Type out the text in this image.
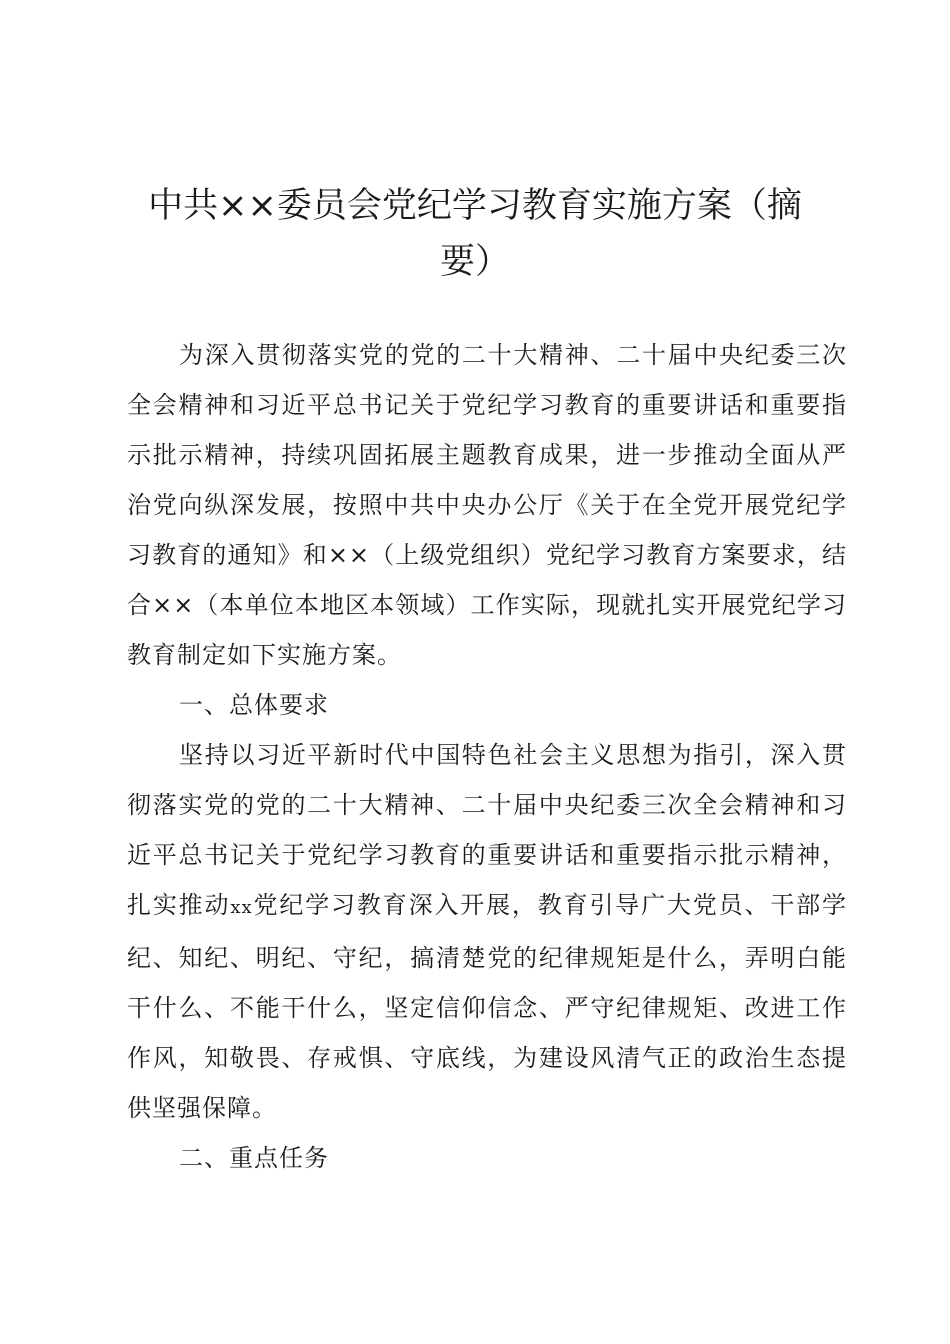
中共××委员会党纪学习教育实施方案（摘
要）

为深入贯彻落实党的党的二十大精神、二十届中央纪委三次全会精神和习近平总书记关于党纪学习教育的重要讲话和重要指示批示精神，持续巩固拓展主题教育成果，进一步推动全面从严治党向纵深发展，按照中共中央办公厅《关于在全党开展党纪学习教育的通知》和××（上级党组织）党纪学习教育方案要求，结合××（本单位本地区本领域）工作实际，现就扎实开展党纪学习教育制定如下实施方案。

一、总体要求

坚持以习近平新时代中国特色社会主义思想为指引，深入贯彻落实党的党的二十大精神、二十届中央纪委三次全会精神和习近平总书记关于党纪学习教育的重要讲话和重要指示批示精神，扎实推动xx党纪学习教育深入开展，教育引导广大党员、干部学纪、知纪、明纪、守纪，搞清楚党的纪律规矩是什么，弄明白能干什么、不能干什么，坚定信仰信念、严守纪律规矩、改进工作作风，知敬畏、存戒惧、守底线，为建设风清气正的政治生态提供坚强保障。

二、重点任务
